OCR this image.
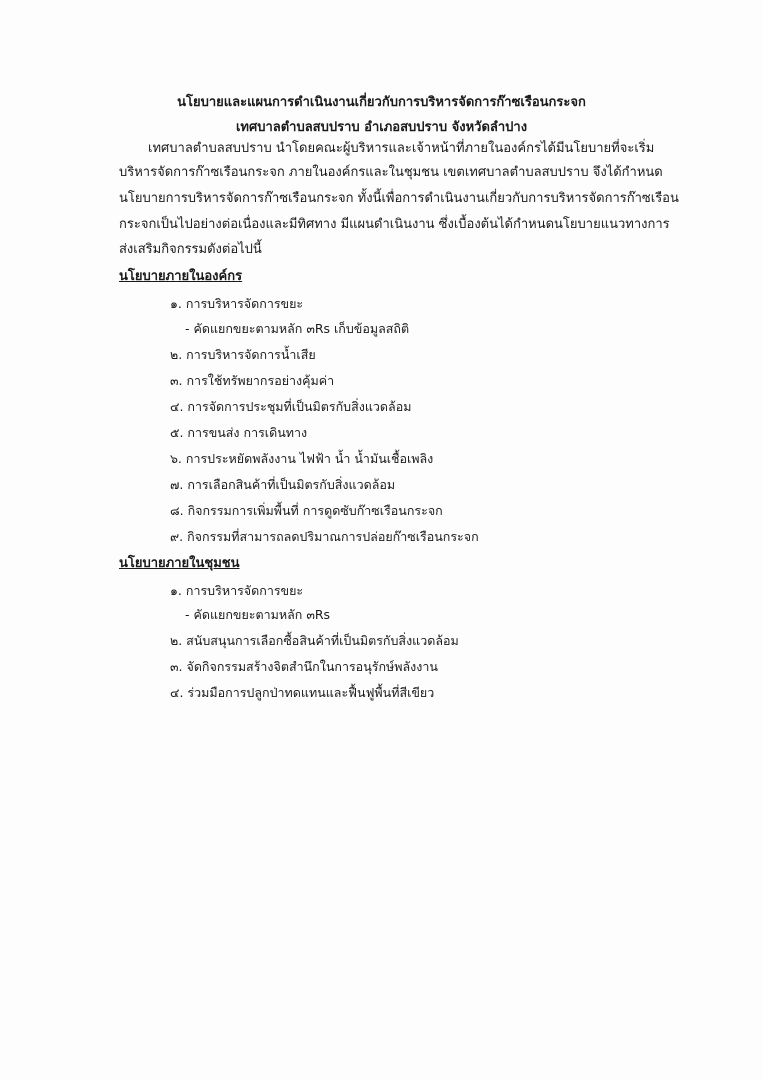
นโยบายและแผนการดำเนินงานเกี่ยวกับการบริหารจัดการก๊าซเรือนกระจก
เทศบาลตำบลสบปราบ อำเภอสบปราบ จังหวัดลำปาง
เทศบาลตำบลสบปราบ นำโดยคณะผู้บริหารและเจ้าหน้าที่ภายในองค์กรได้มีนโยบายที่จะเริ่ม
บริหารจัดการก๊าซเรือนกระจก ภายในองค์กรและในชุมชน เขตเทศบาลตำบลสบปราบ จึงได้กำหนด
นโยบายการบริหารจัดการก๊าซเรือนกระจก ทั้งนี้เพื่อการดำเนินงานเกี่ยวกับการบริหารจัดการก๊าซเรือน
กระจกเป็นไปอย่างต่อเนื่องและมีทิศทาง มีแผนดำเนินงาน ซึ่งเบื้องต้นได้กำหนดนโยบายแนวทางการ
ส่งเสริมกิจกรรมดังต่อไปนี้
นโยบายภายในองค์กร
๑. การบริหารจัดการขยะ
- คัดแยกขยะตามหลัก ๓Rs เก็บข้อมูลสถิติ
๒. การบริหารจัดการน้ำเสีย
๓. การใช้ทรัพยากรอย่างคุ้มค่า
๔. การจัดการประชุมที่เป็นมิตรกับสิ่งแวดล้อม
๕. การขนส่ง การเดินทาง
๖. การประหยัดพลังงาน ไฟฟ้า น้ำ น้ำมันเชื้อเพลิง
๗. การเลือกสินค้าที่เป็นมิตรกับสิ่งแวดล้อม
๘. กิจกรรมการเพิ่มพื้นที่ การดูดซับก๊าซเรือนกระจก
๙. กิจกรรมที่สามารถลดปริมาณการปล่อยก๊าซเรือนกระจก
นโยบายภายในชุมชน
๑. การบริหารจัดการขยะ
- คัดแยกขยะตามหลัก ๓Rs
๒. สนับสนุนการเลือกซื้อสินค้าที่เป็นมิตรกับสิ่งแวดล้อม
๓. จัดกิจกรรมสร้างจิตสำนึกในการอนุรักษ์พลังงาน
๔. ร่วมมือการปลูกป่าทดแทนและฟื้นฟูพื้นที่สีเขียว
